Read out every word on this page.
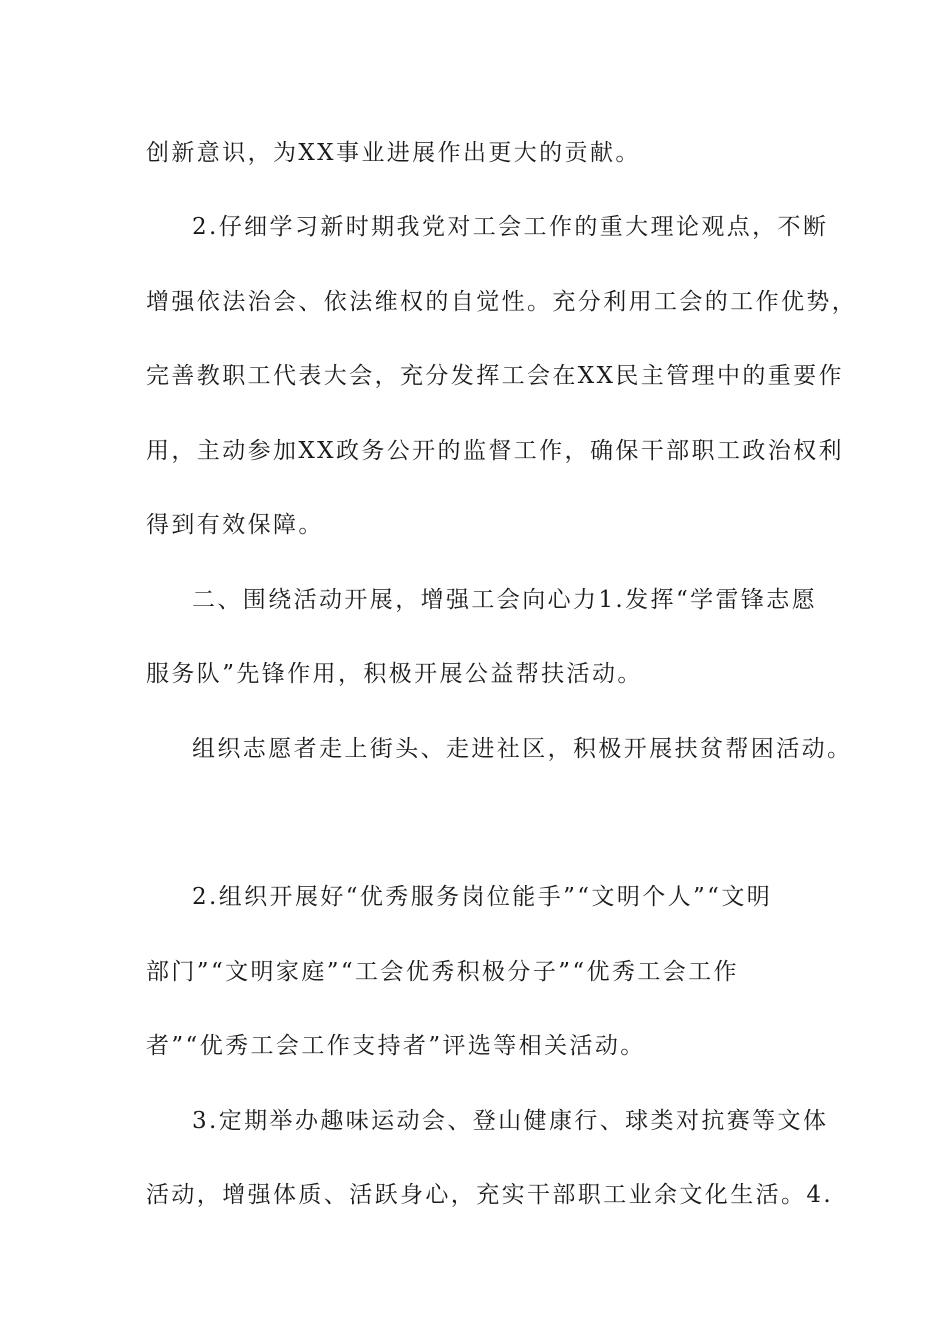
创新意识，为XX事业进展作出更大的贡献。
2.仔细学习新时期我党对工会工作的重大理论观点，不断
增强依法治会、依法维权的自觉性。充分利用工会的工作优势，
完善教职工代表大会，充分发挥工会在XX民主管理中的重要作
用，主动参加XX政务公开的监督工作，确保干部职工政治权利
得到有效保障。
二、围绕活动开展，增强工会向心力1.发挥“学雷锋志愿
服务队”先锋作用，积极开展公益帮扶活动。
组织志愿者走上街头、走进社区，积极开展扶贫帮困活动。
2.组织开展好“优秀服务岗位能手”“文明个人”“文明
部门”“文明家庭”“工会优秀积极分子”“优秀工会工作
者”“优秀工会工作支持者”评选等相关活动。
3.定期举办趣味运动会、登山健康行、球类对抗赛等文体
活动，增强体质、活跃身心，充实干部职工业余文化生活。4.
